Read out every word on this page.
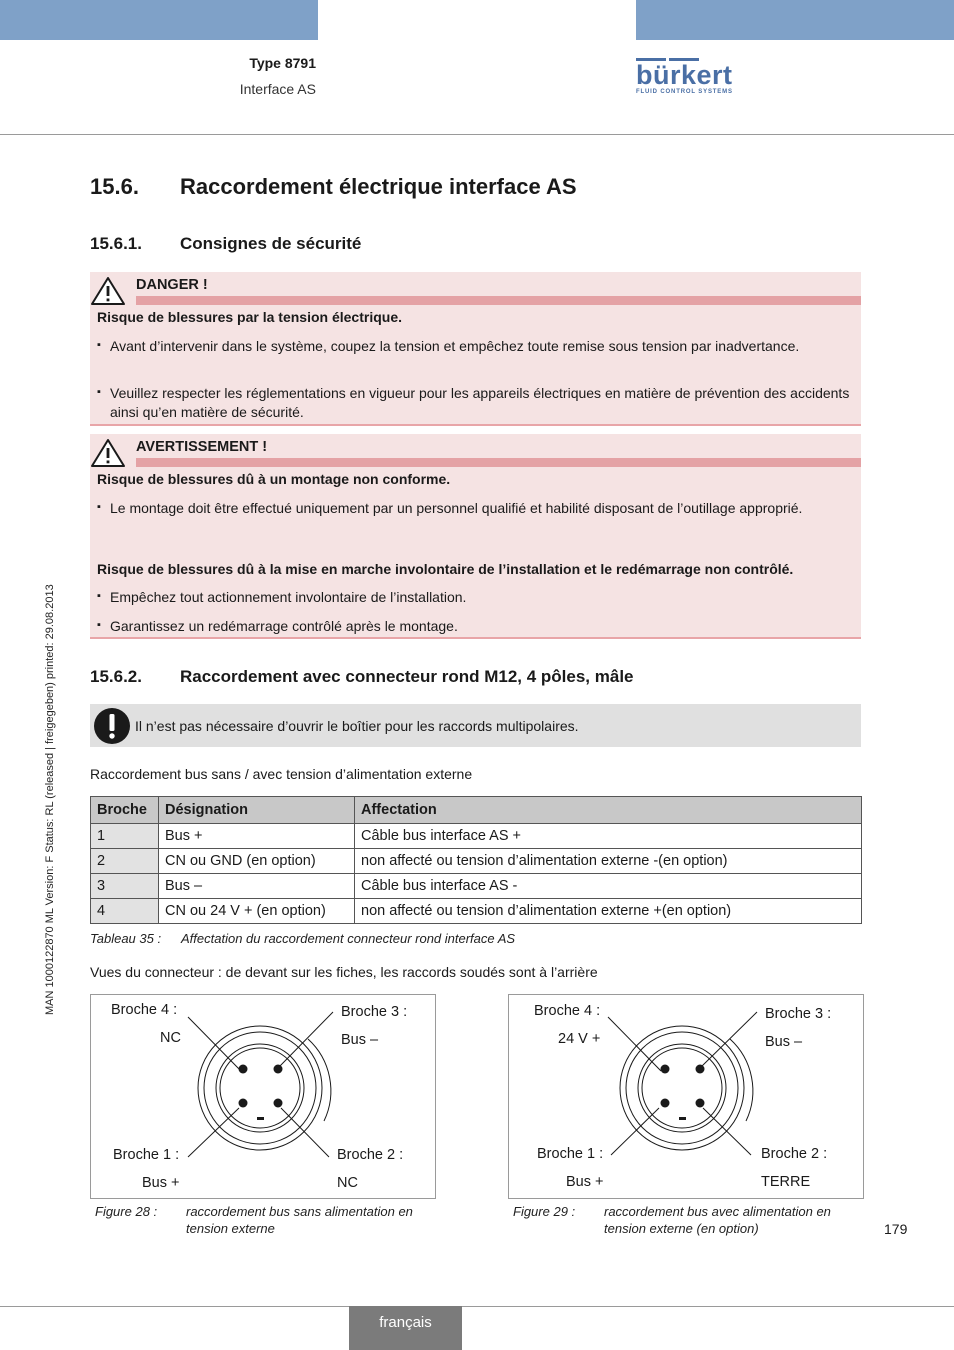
Type 8791
Interface AS	bürkert
FLUID CONTROL SYSTEMS
MAN 1000122870 ML Version: F Status: RL (released | freigegeben) printed: 29.08.2013
15.6. Raccordement électrique interface AS
15.6.1. Consignes de sécurité
DANGER !
Risque de blessures par la tension électrique.
▪ Avant d’intervenir dans le système, coupez la tension et empêchez toute remise sous tension par inadvertance.
▪ Veuillez respecter les réglementations en vigueur pour les appareils électriques en matière de prévention des accidents ainsi qu’en matière de sécurité.
AVERTISSEMENT !
Risque de blessures dû à un montage non conforme.
▪ Le montage doit être effectué uniquement par un personnel qualifié et habilité disposant de l’outillage approprié.
Risque de blessures dû à la mise en marche involontaire de l’installation et le redémarrage non contrôlé.
▪ Empêchez tout actionnement involontaire de l’installation.
▪ Garantissez un redémarrage contrôlé après le montage.
15.6.2. Raccordement avec connecteur rond M12, 4 pôles, mâle
Il n’est pas nécessaire d’ouvrir le boîtier pour les raccords multipolaires.
Raccordement bus sans / avec tension d’alimentation externe
Broche	Désignation	Affectation
1	Bus +	Câble bus interface AS +
2	CN ou GND (en option)	non affecté ou tension d’alimentation externe -(en option)
3	Bus –	Câble bus interface AS -
4	CN ou 24 V + (en option)	non affecté ou tension d’alimentation externe +(en option)
Tableau 35 : Affectation du raccordement connecteur rond interface AS
Vues du connecteur : de devant sur les fiches, les raccords soudés sont à l’arrière
Broche 4 :
NC
Broche 3 :
Bus –
Broche 1 :
Bus +
Broche 2 :
NC
Figure 28 : raccordement bus sans alimentation en
tension externe
Broche 4 :
24 V +
Broche 3 :
Bus –
Broche 1 :
Bus +
Broche 2 :
TERRE
Figure 29 : raccordement bus avec alimentation en
tension externe (en option)	179
français
